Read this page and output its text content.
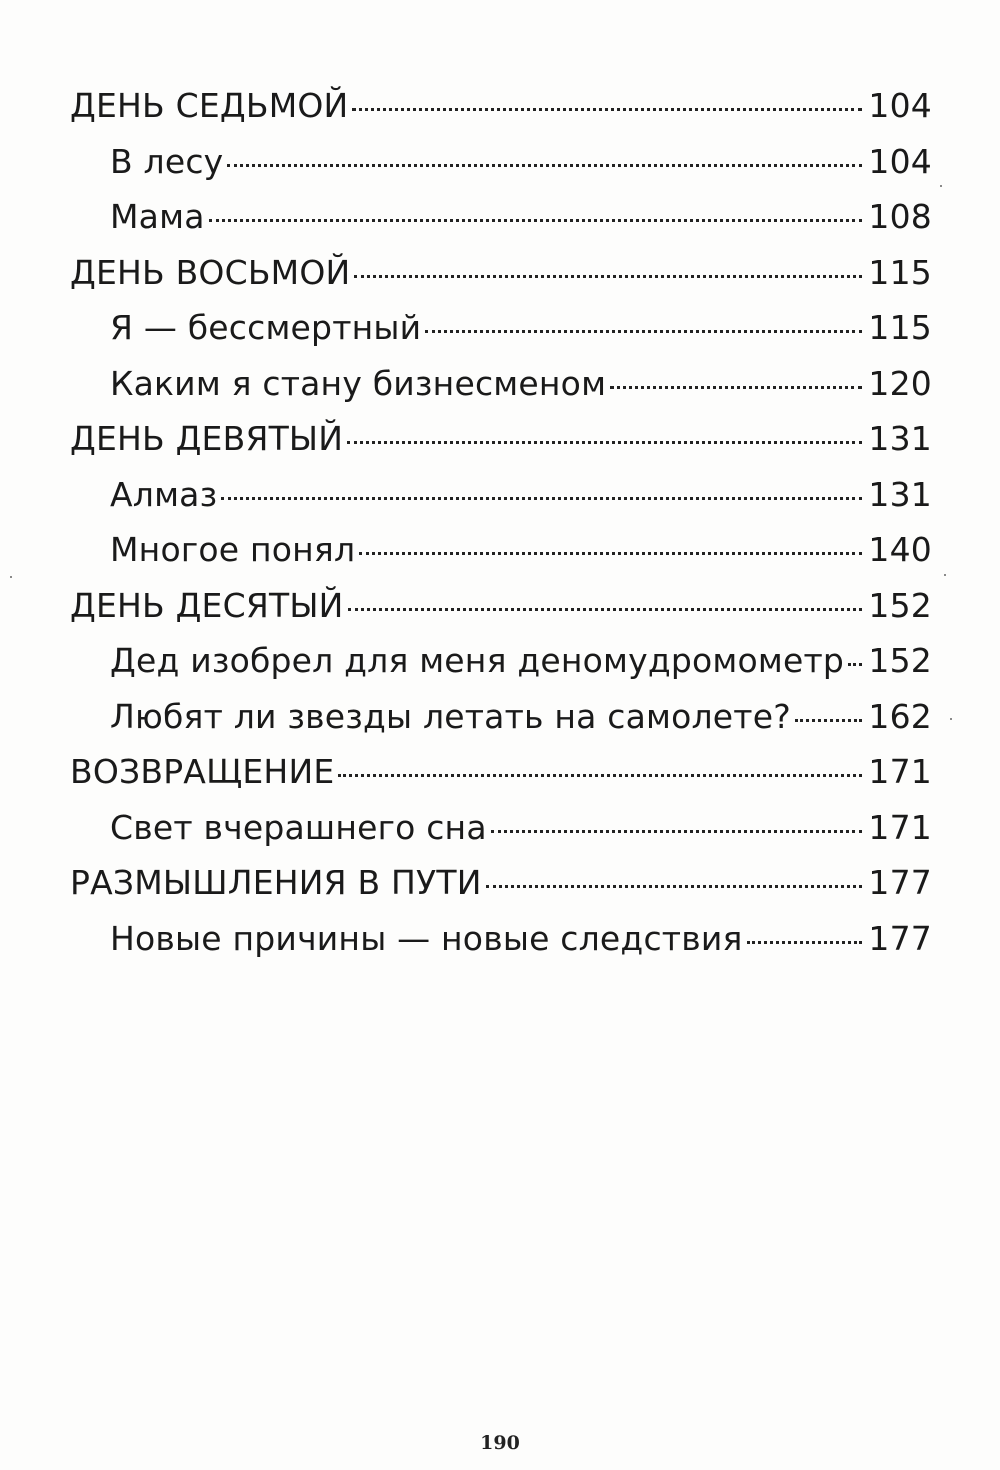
ДЕНЬ СЕДЬМОЙ	104
В лесу	104
Мама	108
ДЕНЬ ВОСЬМОЙ	115
Я — бессмертный	115
Каким я стану бизнесменом	120
ДЕНЬ ДЕВЯТЫЙ	131
Алмаз	131
Многое понял	140
ДЕНЬ ДЕСЯТЫЙ	152
Дед изобрел для меня деномудромометр 152
Любят ли звезды летать на самолете? 162
ВОЗВРАЩЕНИЕ	171
Свет вчерашнего сна	171
РАЗМЫШЛЕНИЯ В ПУТИ	177
Новые причины — новые следствия	177
190
